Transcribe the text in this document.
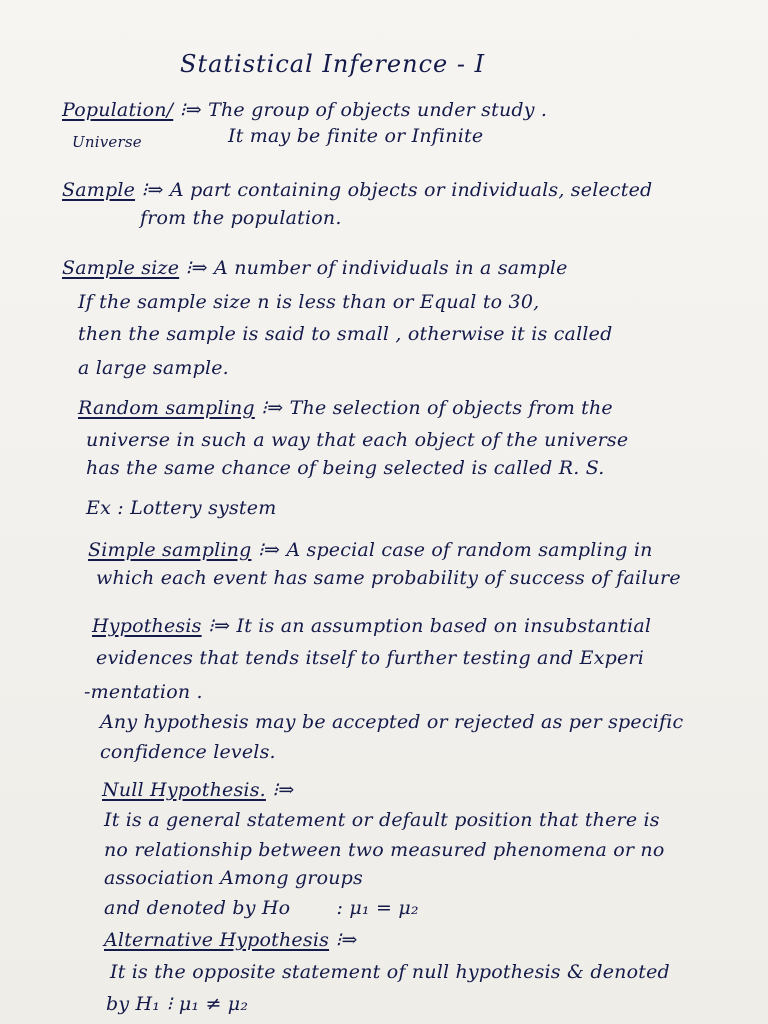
Statistical Inference - I
Population/ ⁝⇒ The group of objects under study .
Universe	It may be finite or Infinite
Sample ⁝⇒ A part containing objects or individuals, selected
from the population.
Sample size ⁝⇒ A number of individuals in a sample
If the sample size n is less than or Equal to 30,
then the sample is said to small , otherwise it is called
a large sample.
Random sampling ⁝⇒ The selection of objects from the
universe in such a way that each object of the universe
has the same chance of being selected is called R. S.
Ex : Lottery system
Simple sampling ⁝⇒ A special case of random sampling in
which each event has same probability of success of failure
Hypothesis ⁝⇒ It is an assumption based on insubstantial
evidences that tends itself to further testing and Experi
-mentation .
Any hypothesis may be accepted or rejected as per specific
confidence levels.
Null Hypothesis. ⁝⇒
It is a general statement or default position that there is
no relationship between two measured phenomena or no
association Among groups
and denoted by Ho : μ₁ = μ₂
Alternative Hypothesis ⁝⇒
It is the opposite statement of null hypothesis & denoted
by H₁ ⁝ μ₁ ≠ μ₂
